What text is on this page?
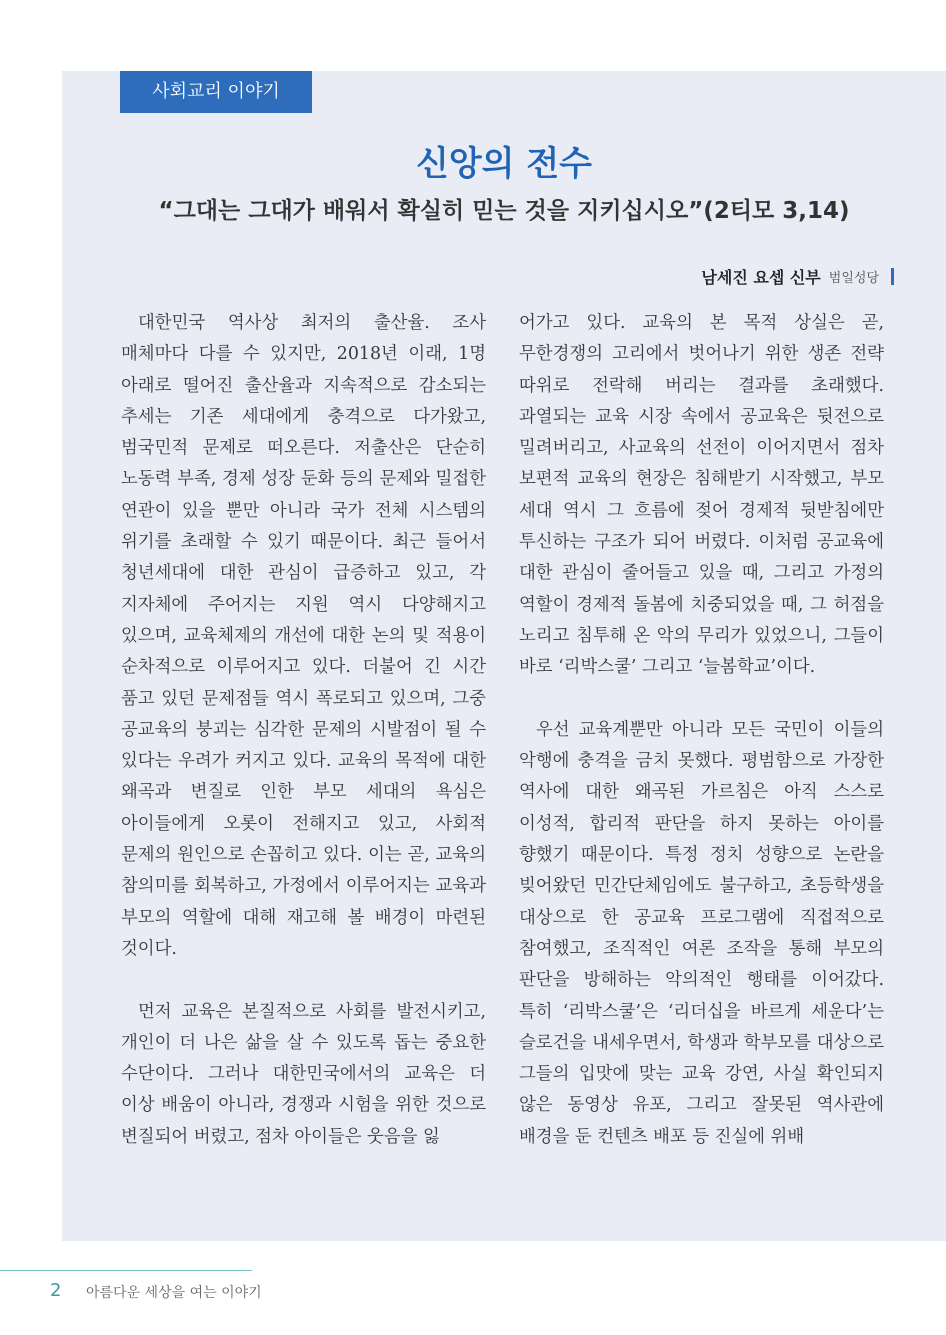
사회교리 이야기
신앙의 전수
“그대는 그대가 배워서 확실히 믿는 것을 지키십시오”(2티모 3,14)
남세진 요셉 신부 범일성당

대한민국 역사상 최저의 출산율. 조사 매체마다 다를 수 있지만, 2018년 이래, 1명 아래로 떨어진 출산율과 지속적으로 감소되는 추세는 기존 세대에게 충격으로 다가왔고, 범국민적 문제로 떠오른다. 저출산은 단순히 노동력 부족, 경제 성장 둔화 등의 문제와 밀접한 연관이 있을 뿐만 아니라 국가 전체 시스템의 위기를 초래할 수 있기 때문이다. 최근 들어서 청년세대에 대한 관심이 급증하고 있고, 각 지자체에 주어지는 지원 역시 다양해지고 있으며, 교육체제의 개선에 대한 논의 및 적용이 순차적으로 이루어지고 있다. 더불어 긴 시간 품고 있던 문제점들 역시 폭로되고 있으며, 그중 공교육의 붕괴는 심각한 문제의 시발점이 될 수 있다는 우려가 커지고 있다. 교육의 목적에 대한 왜곡과 변질로 인한 부모 세대의 욕심은 아이들에게 오롯이 전해지고 있고, 사회적 문제의 원인으로 손꼽히고 있다. 이는 곧, 교육의 참의미를 회복하고, 가정에서 이루어지는 교육과 부모의 역할에 대해 재고해 볼 배경이 마련된 것이다.

먼저 교육은 본질적으로 사회를 발전시키고, 개인이 더 나은 삶을 살 수 있도록 돕는 중요한 수단이다. 그러나 대한민국에서의 교육은 더 이상 배움이 아니라, 경쟁과 시험을 위한 것으로 변질되어 버렸고, 점차 아이들은 웃음을 잃

어가고 있다. 교육의 본 목적 상실은 곧, 무한경쟁의 고리에서 벗어나기 위한 생존 전략 따위로 전락해 버리는 결과를 초래했다. 과열되는 교육 시장 속에서 공교육은 뒷전으로 밀려버리고, 사교육의 선전이 이어지면서 점차 보편적 교육의 현장은 침해받기 시작했고, 부모 세대 역시 그 흐름에 젖어 경제적 뒷받침에만 투신하는 구조가 되어 버렸다. 이처럼 공교육에 대한 관심이 줄어들고 있을 때, 그리고 가정의 역할이 경제적 돌봄에 치중되었을 때, 그 허점을 노리고 침투해 온 악의 무리가 있었으니, 그들이 바로 ‘리박스쿨’ 그리고 ‘늘봄학교’이다.

우선 교육계뿐만 아니라 모든 국민이 이들의 악행에 충격을 금치 못했다. 평범함으로 가장한 역사에 대한 왜곡된 가르침은 아직 스스로 이성적, 합리적 판단을 하지 못하는 아이를 향했기 때문이다. 특정 정치 성향으로 논란을 빚어왔던 민간단체임에도 불구하고, 초등학생을 대상으로 한 공교육 프로그램에 직접적으로 참여했고, 조직적인 여론 조작을 통해 부모의 판단을 방해하는 악의적인 행태를 이어갔다. 특히 ‘리박스쿨’은 ‘리더십을 바르게 세운다’는 슬로건을 내세우면서, 학생과 학부모를 대상으로 그들의 입맛에 맞는 교육 강연, 사실 확인되지 않은 동영상 유포, 그리고 잘못된 역사관에 배경을 둔 컨텐츠 배포 등 진실에 위배

2 아름다운 세상을 여는 이야기
